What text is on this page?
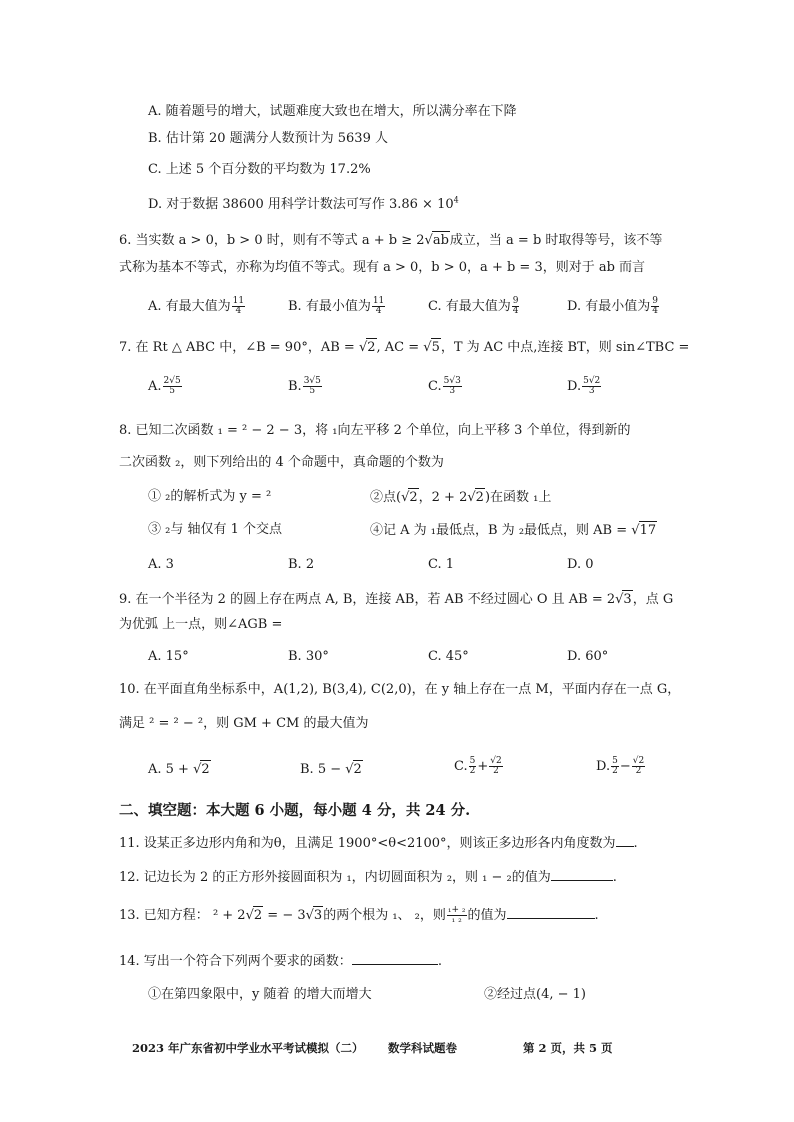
A. 随着题号的增大，试题难度大致也在增大，所以满分率在下降
B. 估计第 20 题满分人数预计为 5639 人
C. 上述 5 个百分数的平均数为 17.2%
D. 对于数据 38600 用科学计数法可写作 $3.86 \times 10^4$
6. 当实数 a > 0，b > 0 时，则有不等式 a + b ≥ 2√ab成立，当 a = b 时取得等号，该不等
式称为基本不等式，亦称为均值不等式。现有 a > 0，b > 0，a + b = 3，则对于 ab 而言
A. 有最大值为 $\frac{11}{4}$	B. 有最小值为 $\frac{11}{4}$	C. 有最大值为 $\frac{9}{4}$	D. 有最小值为 $\frac{9}{4}$
7. 在 Rt △ ABC 中，∠B = 90°，AB = √2, AC = √5，T 为 AC 中点,连接 BT，则 sin∠TBC =
A. $\frac{2√5}{5}$	B. $\frac{3√5}{5}$	C. $\frac{5√3}{3}$	D. $\frac{5√2}{3}$
8. 已知二次函数 ₁ = ² − 2 − 3，将 ₁向左平移 2 个单位，向上平移 3 个单位，得到新的
二次函数 ₂，则下列给出的 4 个命题中，真命题的个数为
① ₂的解析式为 y = ²	②点(√2，2 + 2√2)在函数 ₁上
③ ₂与 轴仅有 1 个交点	④记 A 为 ₁最低点，B 为 ₂最低点，则 AB = √17
A. 3	B. 2	C. 1	D. 0
9. 在一个半径为 2 的圆上存在两点 A, B，连接 AB，若 AB 不经过圆心 O 且 AB = 2√3，点 G
为优弧 上一点，则∠AGB =
A. 15°	B. 30°	C. 45°	D. 60°
10. 在平面直角坐标系中，A(1,2), B(3,4), C(2,0)，在 y 轴上存在一点 M，平面内存在一点 G，
满足 ² = ² − ²，则 GM + CM 的最大值为
A. 5 + √2	B. 5 − √2	C. $\frac{5}{2} + \frac{√2}{2}$	D. $\frac{5}{2} - \frac{√2}{2}$
二、填空题：本大题 6 小题，每小题 4 分，共 24 分.
11. 设某正多边形内角和为θ，且满足 1900°<θ<2100°，则该正多边形各内角度数为 .
12. 记边长为 2 的正方形外接圆面积为 ₁，内切圆面积为 ₂，则 ₁ − ₂的值为	.
13. 已知方程： ² + 2√2 = − 3√3的两个根为 ₁、 ₂，则 ₁+ ₂
₁ ₂ 的值为	.
14. 写出一个符合下列两个要求的函数：	.
①在第四象限中，y 随着 的增大而增大	②经过点(4, − 1)
2023 年广东省初中学业水平考试模拟（二） 数学科试题卷	第 2 页，共 5 页
